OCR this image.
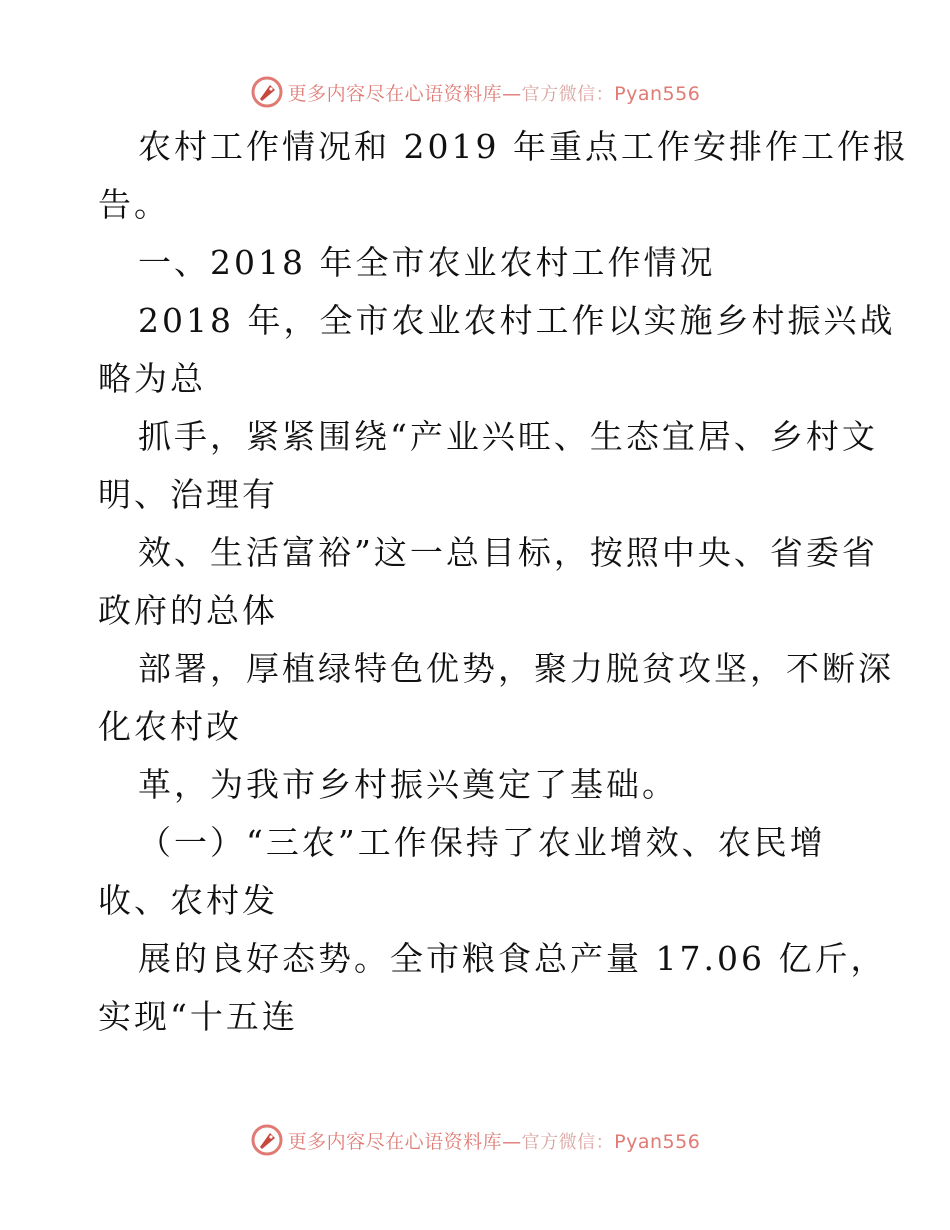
更多内容尽在心语资料库—官方微信：Pyan556
农村工作情况和 2019 年重点工作安排作工作报
告。
一、2018 年全市农业农村工作情况
2018 年，全市农业农村工作以实施乡村振兴战
略为总
抓手，紧紧围绕“产业兴旺、生态宜居、乡村文
明、治理有
效、生活富裕”这一总目标，按照中央、省委省
政府的总体
部署，厚植绿特色优势，聚力脱贫攻坚，不断深
化农村改
革，为我市乡村振兴奠定了基础。
（一）“三农”工作保持了农业增效、农民增
收、农村发
展的良好态势。全市粮食总产量 17.06 亿斤，
实现“十五连
更多内容尽在心语资料库—官方微信：Pyan556
